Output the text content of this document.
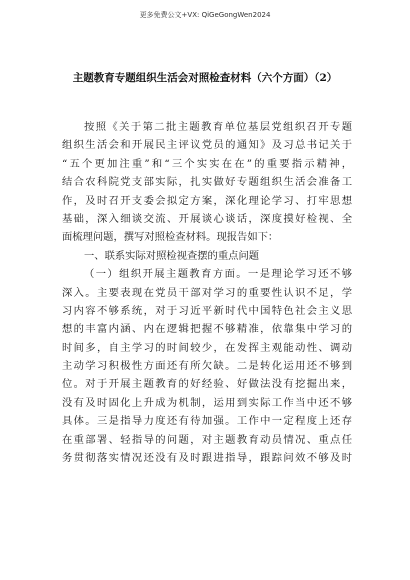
更多免费公文+VX: QiGeGongWen2024
主题教育专题组织生活会对照检查材料（六个方面）（2）
按照《关于第二批主题教育单位基层党组织召开专题
组织生活会和开展民主评议党员的通知》及习总书记关于
“五个更加注重”和“三个实实在在”的重要指示精神，
结合农科院党支部实际，扎实做好专题组织生活会准备工
作，及时召开支委会拟定方案，深化理论学习、打牢思想
基础，深入细谈交流、开展谈心谈话，深度摸好检视、全
面梳理问题，撰写对照检查材料。现报告如下：
一、联系实际对照检视查摆的重点问题
（一）组织开展主题教育方面。一是理论学习还不够
深入。主要表现在党员干部对学习的重要性认识不足，学
习内容不够系统，对于习近平新时代中国特色社会主义思
想的丰富内涵、内在逻辑把握不够精准，依靠集中学习的
时间多，自主学习的时间较少，在发挥主观能动性、调动
主动学习积极性方面还有所欠缺。二是转化运用还不够到
位。对于开展主题教育的好经验、好做法没有挖掘出来，
没有及时固化上升成为机制，运用到实际工作当中还不够
具体。三是指导力度还有待加强。工作中一定程度上还存
在重部署、轻指导的问题，对主题教育动员情况、重点任
务贯彻落实情况还没有及时跟进指导，跟踪问效不够及时
